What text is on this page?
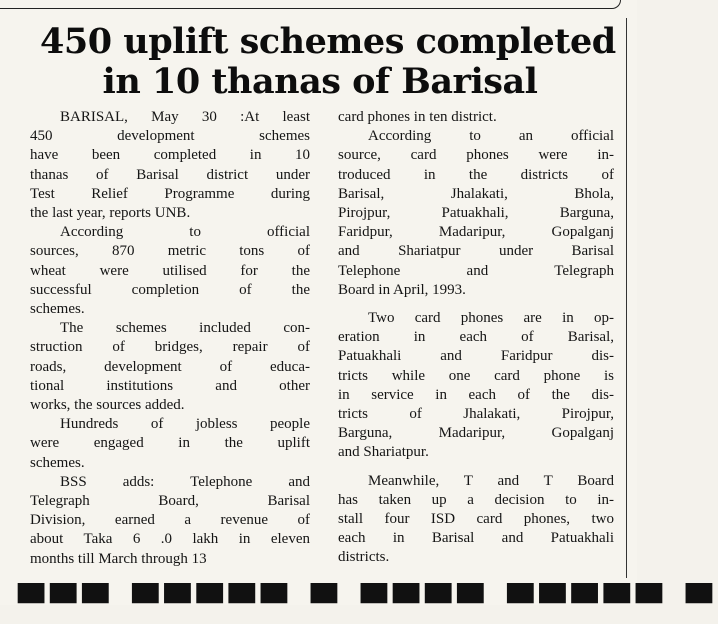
450 uplift schemes completed
in 10 thanas of Barisal

BARISAL, May 30 :At least
450 development schemes
have been completed in 10
thanas of Barisal district under
Test Relief Programme during
the last year, reports UNB.

According to official
sources, 870 metric tons of
wheat were utilised for the
successful completion of the
schemes.

The schemes included con-
struction of bridges, repair of
roads, development of educa-
tional institutions and other
works, the sources added.

Hundreds of jobless people
were engaged in the uplift
schemes.

BSS adds: Telephone and
Telegraph Board, Barisal
Division, earned a revenue of
about Taka 6 .0 lakh in eleven
months till March through 13

card phones in ten district.

According to an official
source, card phones were in-
troduced in the districts of
Barisal, Jhalakati, Bhola,
Pirojpur, Patuakhali, Barguna,
Faridpur, Madaripur, Gopalganj
and Shariatpur under Barisal
Telephone and Telegraph
Board in April, 1993.

Two card phones are in op-
eration in each of Barisal,
Patuakhali and Faridpur dis-
tricts while one card phone is
in service in each of the dis-
tricts of Jhalakati, Pirojpur,
Barguna, Madaripur, Gopalganj
and Shariatpur.

Meanwhile, T and T Board
has taken up a decision to in-
stall four ISD card phones, two
each in Barisal and Patuakhali
districts.

▀▀▀ ▀▀▀▀▀ ▀ ▀▀▀▀ ▀▀▀▀▀ ▀
